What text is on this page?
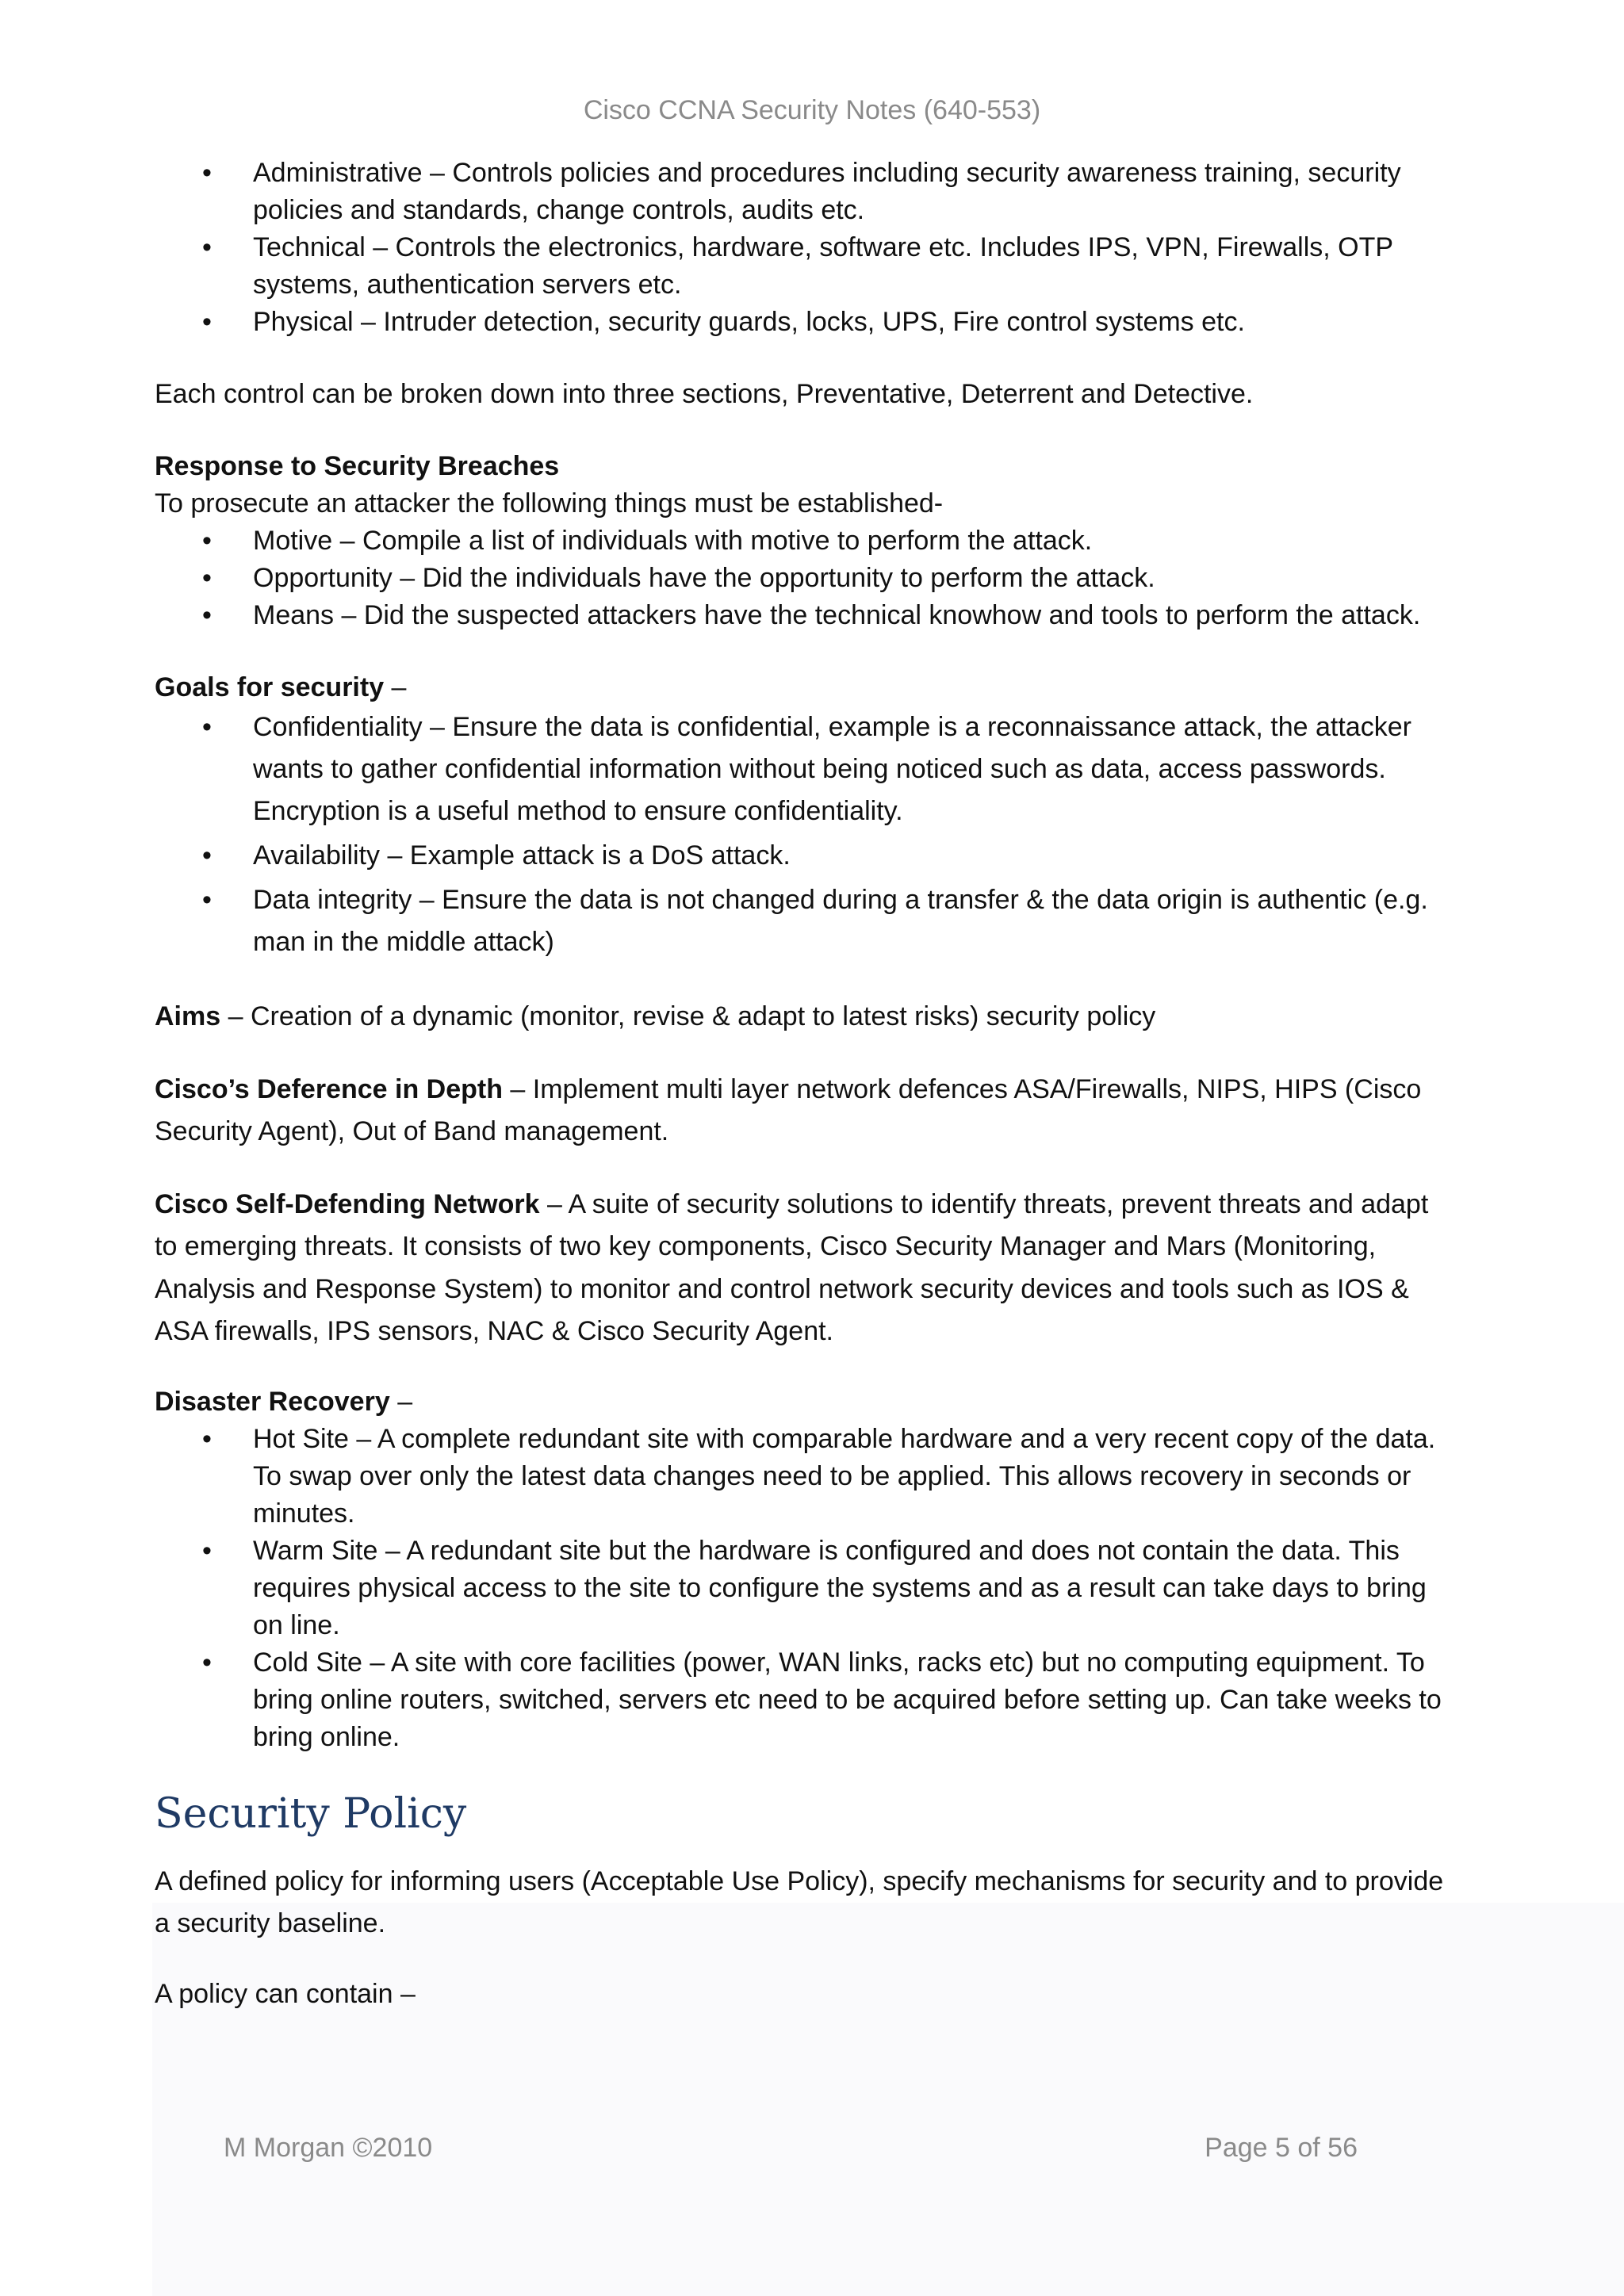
Cisco CCNA Security Notes (640-553)
• Administrative – Controls policies and procedures including security awareness training, security policies and standards, change controls, audits etc.
• Technical – Controls the electronics, hardware, software etc. Includes IPS, VPN, Firewalls, OTP systems, authentication servers etc.
• Physical – Intruder detection, security guards, locks, UPS, Fire control systems etc.

Each control can be broken down into three sections, Preventative, Deterrent and Detective.

Response to Security Breaches

To prosecute an attacker the following things must be established-

• Motive – Compile a list of individuals with motive to perform the attack.
• Opportunity – Did the individuals have the opportunity to perform the attack.
• Means – Did the suspected attackers have the technical knowhow and tools to perform the attack.

Goals for security –

• Confidentiality – Ensure the data is confidential, example is a reconnaissance attack, the attacker wants to gather confidential information without being noticed such as data, access passwords. Encryption is a useful method to ensure confidentiality.
• Availability – Example attack is a DoS attack.
• Data integrity – Ensure the data is not changed during a transfer & the data origin is authentic (e.g. man in the middle attack)

Aims – Creation of a dynamic (monitor, revise & adapt to latest risks) security policy

Cisco’s Deference in Depth – Implement multi layer network defences ASA/Firewalls, NIPS, HIPS (Cisco Security Agent), Out of Band management.

Cisco Self-Defending Network – A suite of security solutions to identify threats, prevent threats and adapt to emerging threats. It consists of two key components, Cisco Security Manager and Mars (Monitoring, Analysis and Response System) to monitor and control network security devices and tools such as IOS & ASA firewalls, IPS sensors, NAC & Cisco Security Agent.

Disaster Recovery –

• Hot Site – A complete redundant site with comparable hardware and a very recent copy of the data. To swap over only the latest data changes need to be applied. This allows recovery in seconds or minutes.
• Warm Site – A redundant site but the hardware is configured and does not contain the data. This requires physical access to the site to configure the systems and as a result can take days to bring on line.
• Cold Site – A site with core facilities (power, WAN links, racks etc) but no computing equipment. To bring online routers, switched, servers etc need to be acquired before setting up. Can take weeks to bring online.
Security Policy

A defined policy for informing users (Acceptable Use Policy), specify mechanisms for security and to provide a security baseline.

A policy can contain –

M Morgan ©2010	Page 5 of 56
